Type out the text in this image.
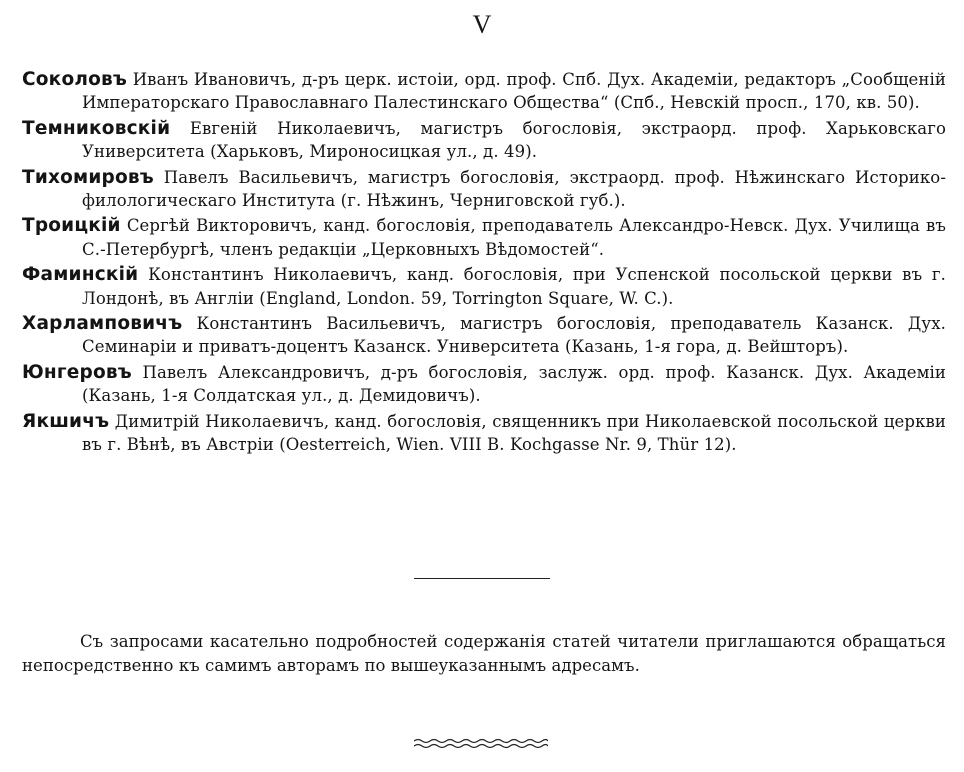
V

Соколовъ Иванъ Ивановичъ, д-ръ церк. истоiи, орд. проф. Спб. Дух. Академiи, редакторъ „Сообщенiй Императорскаго Православнаго Палестинскаго Общества“ (Спб., Невскiй просп., 170, кв. 50).

Темниковскiй Евгенiй Николаевичъ, магистръ богословiя, экстраорд. проф. Харьковскаго Университета (Харьковъ, Мироносицкая ул., д. 49).

Тихомировъ Павелъ Васильевичъ, магистръ богословiя, экстраорд. проф. Нѣжинскаго Историко-филологическаго Института (г. Нѣжинъ, Черниговской губ.).

Троицкiй Сергѣй Викторовичъ, канд. богословiя, преподаватель Александро-Невск. Дух. Училища въ С.-Петербургѣ, членъ редакцiи „Церковныхъ Вѣдомостей“.

Фаминскiй Константинъ Николаевичъ, канд. богословiя, при Успенской посольской церкви въ г. Лондонѣ, въ Англiи (England, London. 59, Torrington Square, W. C.).

Харламповичъ Константинъ Васильевичъ, магистръ богословiя, преподаватель Казанск. Дух. Семинарiи и приватъ-доцентъ Казанск. Университета (Казань, 1-я гора, д. Вейшторъ).

Юнгеровъ Павелъ Александровичъ, д-ръ богословiя, заслуж. орд. проф. Казанск. Дух. Академiи (Казань, 1-я Солдатская ул., д. Демидовичъ).

Якшичъ Димитрiй Николаевичъ, канд. богословiя, священникъ при Николаевской посольской церкви въ г. Вѣнѣ, въ Австрiи (Oesterreich, Wien. VIII B. Kochgasse Nr. 9, Thür 12).

Съ запросами касательно подробностей содержанiя статей читатели приглашаются обращаться непосредственно къ самимъ авторамъ по вышеуказаннымъ адресамъ.
